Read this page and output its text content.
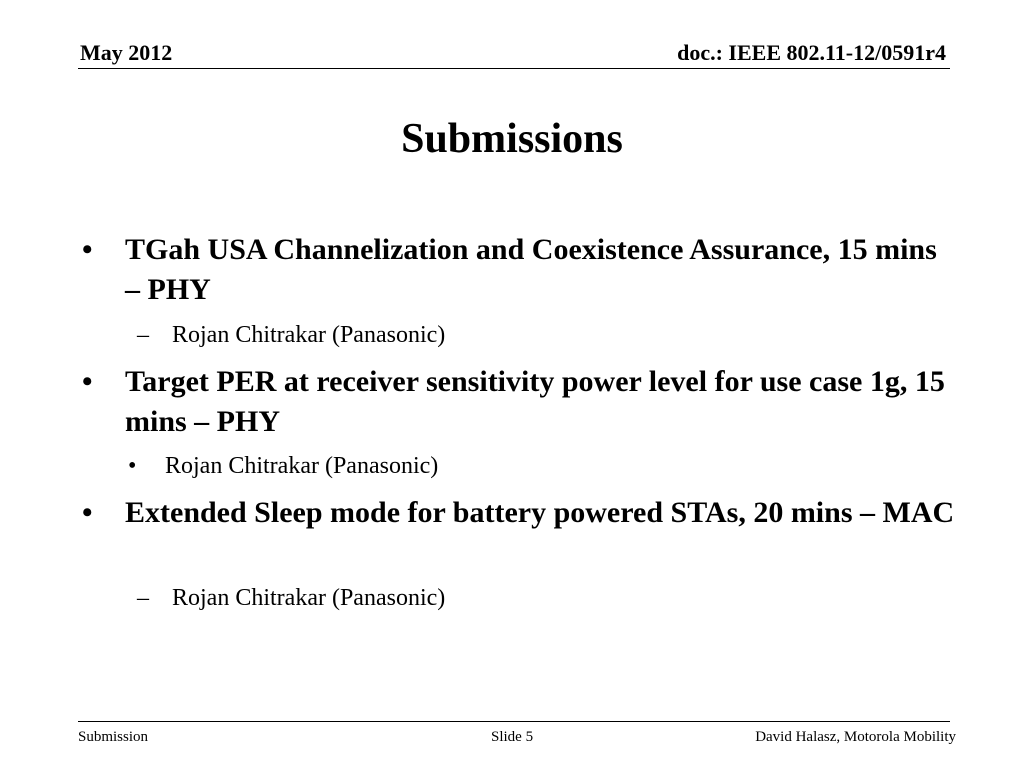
May 2012	doc.: IEEE 802.11-12/0591r4
Submissions
• TGah USA Channelization and Coexistence Assurance, 15 mins – PHY
– Rojan Chitrakar (Panasonic)
• Target PER at receiver sensitivity power level for use case 1g, 15 mins – PHY
• Rojan Chitrakar (Panasonic)
• Extended Sleep mode for battery powered STAs, 20 mins – MAC
– Rojan Chitrakar (Panasonic)
Submission	Slide 5	David Halasz, Motorola Mobility
